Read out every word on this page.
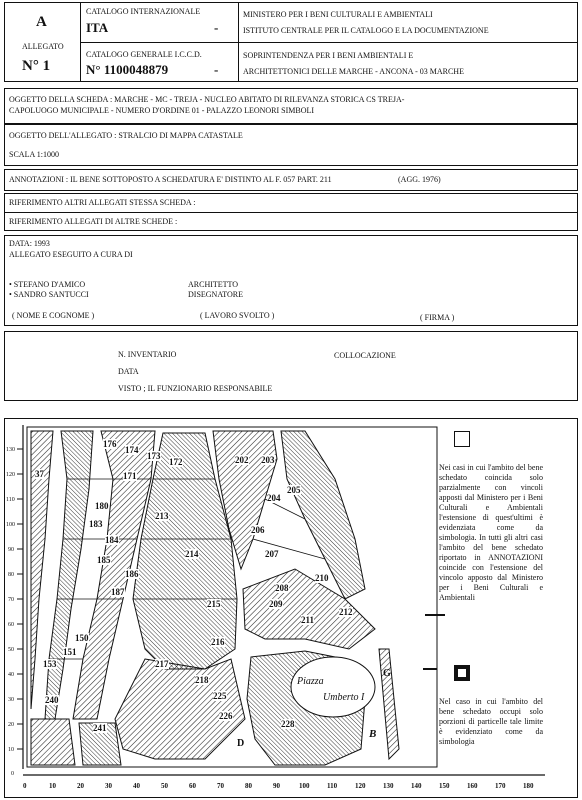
A
ALLEGATO
N° 1
CATALOGO INTERNAZIONALE
ITA	-
CATALOGO GENERALE I.C.C.D.
N° 1100048879	-
MINISTERO PER I BENI CULTURALI E AMBIENTALI
ISTITUTO CENTRALE PER IL CATALOGO E LA DOCUMENTAZIONE
SOPRINTENDENZA PER I BENI AMBIENTALI E
ARCHITETTONICI DELLE MARCHE - ANCONA - 03 MARCHE
OGGETTO DELLA SCHEDA : MARCHE - MC - TREJA - NUCLEO ABITATO DI RILEVANZA STORICA CS TREJA-
CAPOLUOGO MUNICIPALE - NUMERO D'ORDINE 01 - PALAZZO LEONORI SIMBOLI
OGGETTO DELL'ALLEGATO : STRALCIO DI MAPPA CATASTALE
SCALA 1:1000
ANNOTAZIONI : IL BENE SOTTOPOSTO A SCHEDATURA E' DISTINTO AL F. 057 PART. 211	(AGG. 1976)
RIFERIMENTO ALTRI ALLEGATI STESSA SCHEDA :
RIFERIMENTO ALLEGATI DI ALTRE SCHEDE :
DATA: 1993
ALLEGATO ESEGUITO A CURA DI
• STEFANO D'AMICO
• SANDRO SANTUCCI
ARCHITETTO
DISEGNATORE
( NOME E COGNOME )	( LAVORO SVOLTO )	( FIRMA )
N. INVENTARIO	COLLOCAZIONE
DATA
VISTO ; IL FUNZIONARIO RESPONSABILE
37
176
174
173
172	202 203
204
205
206
207
208
209
210
211
212
213
214
215
216
217
218
225
226
228
240
241
153
151
150
171
180
183
184
185
186
187
G
B
D
Piazza
Umberto I
130
120
110
100
90
80
70
60
50
40
30
20
10
0
0	10	20	30	40	50	60	70	80	90	100	110	120	130	140	150	160	170	180
Nei casi in cui l'ambito del bene schedato coincida solo parzialmente con vincoli apposti dal Ministero per i Beni Culturali e Ambientali l'estensione di quest'ultimi è evidenziata come da simbologia. In tutti gli altri casi l'ambito del bene schedato riportato in ANNOTAZIONI coincide con l'estensione del vincolo apposto dal Ministero per i Beni Culturali e Ambientali
Nel caso in cui l'ambito del bene schedato occupi solo porzioni di particelle tale limite è evidenziato come da simbologia
